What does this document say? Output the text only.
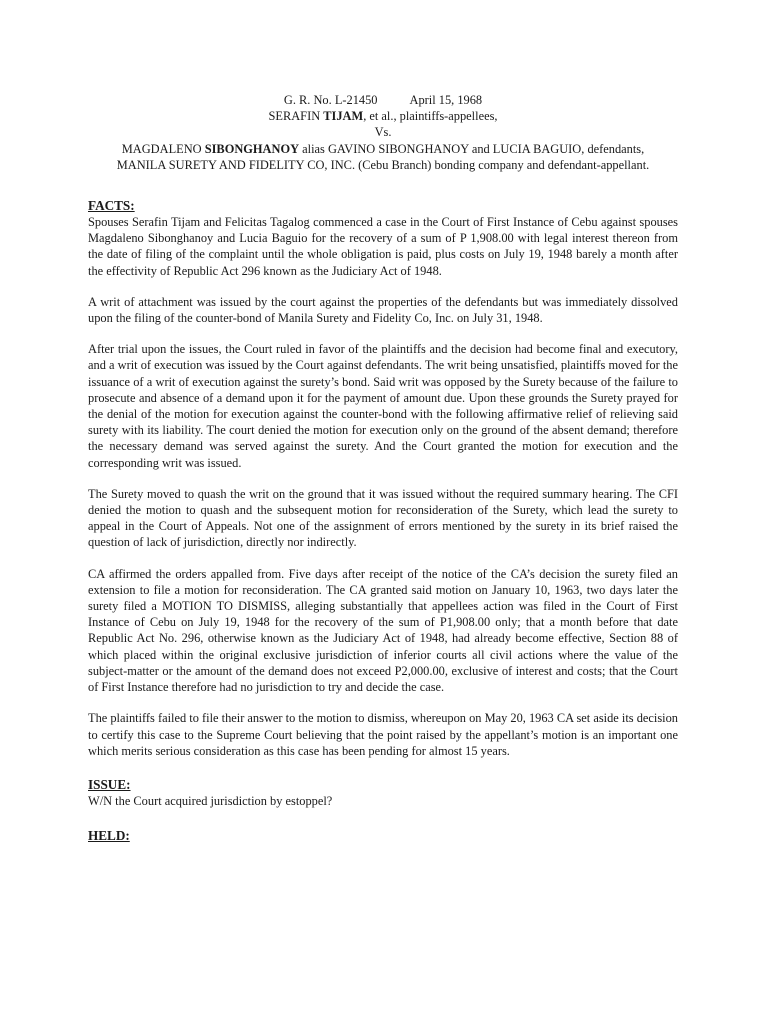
G. R. No. L-21450	April 15, 1968
SERAFIN TIJAM, et al., plaintiffs-appellees,
Vs.
MAGDALENO SIBONGHANOY alias GAVINO SIBONGHANOY and LUCIA BAGUIO, defendants,
MANILA SURETY AND FIDELITY CO, INC. (Cebu Branch) bonding company and defendant-appellant.
FACTS:

Spouses Serafin Tijam and Felicitas Tagalog commenced a case in the Court of First Instance of Cebu against spouses Magdaleno Sibonghanoy and Lucia Baguio for the recovery of a sum of P 1,908.00 with legal interest thereon from the date of filing of the complaint until the whole obligation is paid, plus costs on July 19, 1948 barely a month after the effectivity of Republic Act 296 known as the Judiciary Act of 1948.

A writ of attachment was issued by the court against the properties of the defendants but was immediately dissolved upon the filing of the counter-bond of Manila Surety and Fidelity Co, Inc. on July 31, 1948.

After trial upon the issues, the Court ruled in favor of the plaintiffs and the decision had become final and executory, and a writ of execution was issued by the Court against defendants. The writ being unsatisfied, plaintiffs moved for the issuance of a writ of execution against the surety’s bond. Said writ was opposed by the Surety because of the failure to prosecute and absence of a demand upon it for the payment of amount due. Upon these grounds the Surety prayed for the denial of the motion for execution against the counter-bond with the following affirmative relief of relieving said surety with its liability. The court denied the motion for execution only on the ground of the absent demand; therefore the necessary demand was served against the surety. And the Court granted the motion for execution and the corresponding writ was issued.

The Surety moved to quash the writ on the ground that it was issued without the required summary hearing. The CFI denied the motion to quash and the subsequent motion for reconsideration of the Surety, which lead the surety to appeal in the Court of Appeals. Not one of the assignment of errors mentioned by the surety in its brief raised the question of lack of jurisdiction, directly nor indirectly.

CA affirmed the orders appalled from. Five days after receipt of the notice of the CA’s decision the surety filed an extension to file a motion for reconsideration. The CA granted said motion on January 10, 1963, two days later the surety filed a MOTION TO DISMISS, alleging substantially that appellees action was filed in the Court of First Instance of Cebu on July 19, 1948 for the recovery of the sum of P1,908.00 only; that a month before that date Republic Act No. 296, otherwise known as the Judiciary Act of 1948, had already become effective, Section 88 of which placed within the original exclusive jurisdiction of inferior courts all civil actions where the value of the subject-matter or the amount of the demand does not exceed P2,000.00, exclusive of interest and costs; that the Court of First Instance therefore had no jurisdiction to try and decide the case.

The plaintiffs failed to file their answer to the motion to dismiss, whereupon on May 20, 1963 CA set aside its decision to certify this case to the Supreme Court believing that the point raised by the appellant’s motion is an important one which merits serious consideration as this case has been pending for almost 15 years.

ISSUE:

W/N the Court acquired jurisdiction by estoppel?

HELD:
